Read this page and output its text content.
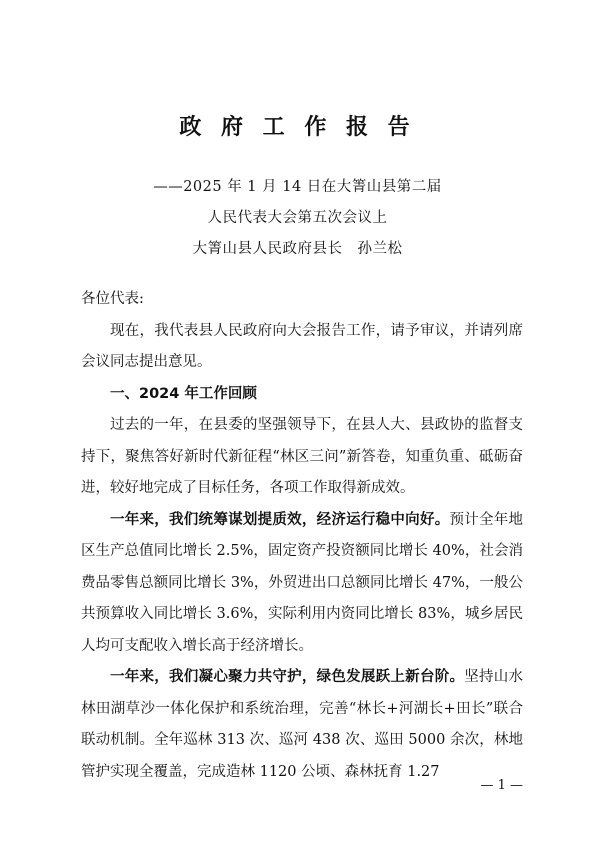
政 府 工 作 报 告
——2025 年 1 月 14 日在大箐山县第二届
人民代表大会第五次会议上
大箐山县人民政府县长　孙兰松

各位代表:

现在，我代表县人民政府向大会报告工作，请予审议，并请列席会议同志提出意见。

一、2024 年工作回顾

过去的一年，在县委的坚强领导下，在县人大、县政协的监督支持下，聚焦答好新时代新征程“林区三问”新答卷，知重负重、砥砺奋进，较好地完成了目标任务，各项工作取得新成效。

一年来，我们统筹谋划提质效，经济运行稳中向好。预计全年地区生产总值同比增长 2.5%，固定资产投资额同比增长 40%，社会消费品零售总额同比增长 3%，外贸进出口总额同比增长 47%，一般公共预算收入同比增长 3.6%，实际利用内资同比增长 83%，城乡居民人均可支配收入增长高于经济增长。

一年来，我们凝心聚力共守护，绿色发展跃上新台阶。坚持山水林田湖草沙一体化保护和系统治理，完善“林长+河湖长+田长”联合联动机制。全年巡林 313 次、巡河 438 次、巡田 5000 余次，林地管护实现全覆盖，完成造林 1120 公顷、森林抚育 1.27

— 1 —
